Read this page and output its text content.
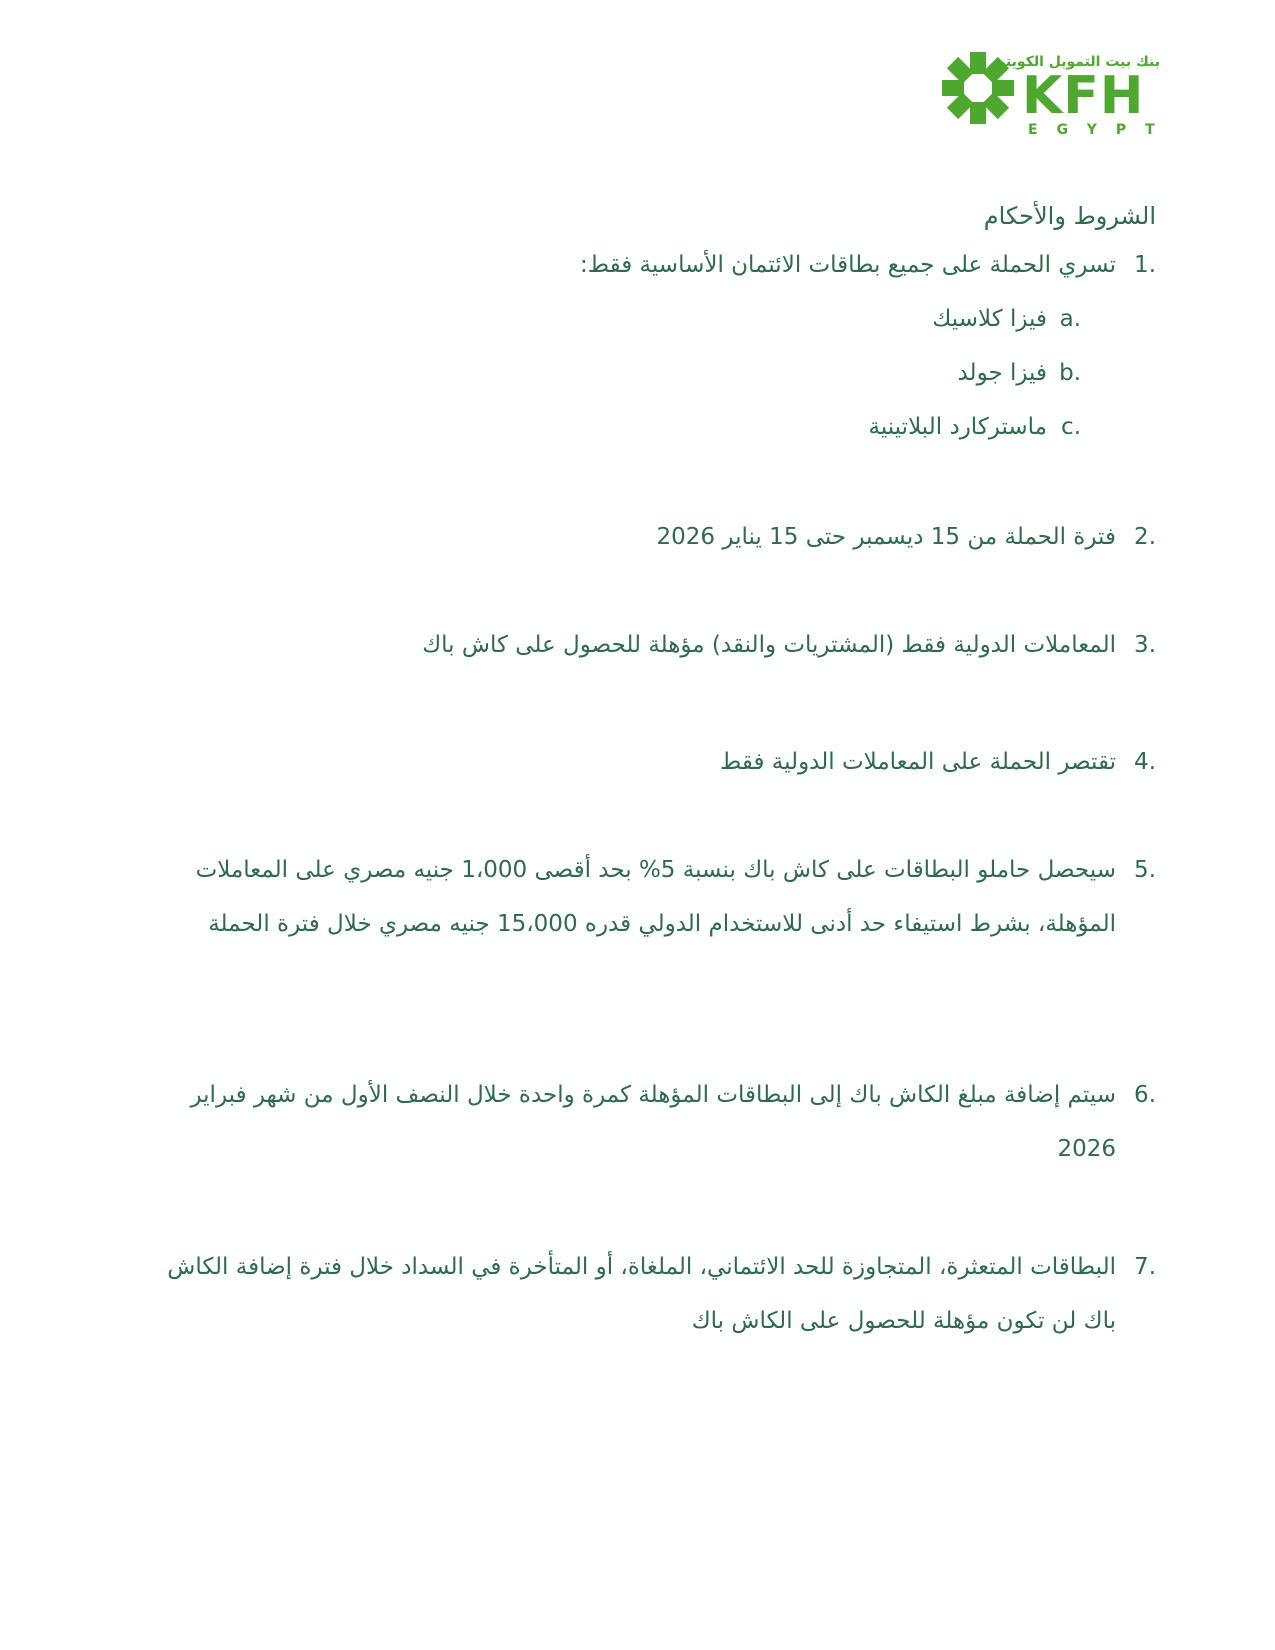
بنك بيت التمويل الكويتي
KFH
EGYPT
الشروط والأحكام
.1
تسري الحملة على جميع بطاقات الائتمان الأساسية فقط:
.a
فيزا كلاسيك
.b
فيزا جولد
.c
ماستركارد البلاتينية
.2
فترة الحملة من 15 ديسمبر حتى 15 يناير 2026
.3
المعاملات الدولية فقط (المشتريات والنقد) مؤهلة للحصول على كاش باك
.4
تقتصر الحملة على المعاملات الدولية فقط
.5
سيحصل حاملو البطاقات على كاش باك بنسبة 5% بحد أقصى 1،000 جنيه مصري على المعاملات المؤهلة، بشرط استيفاء حد أدنى للاستخدام الدولي قدره 15،000 جنيه مصري خلال فترة الحملة
.6
سيتم إضافة مبلغ الكاش باك إلى البطاقات المؤهلة كمرة واحدة خلال النصف الأول من شهر فبراير 2026
.7
البطاقات المتعثرة، المتجاوزة للحد الائتماني، الملغاة، أو المتأخرة في السداد خلال فترة إضافة الكاش باك لن تكون مؤهلة للحصول على الكاش باك
